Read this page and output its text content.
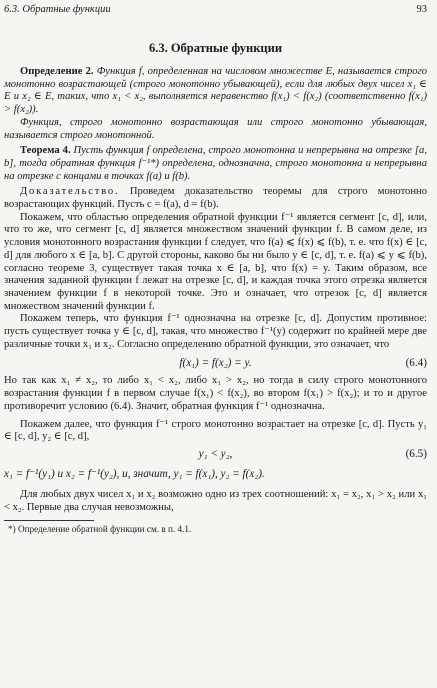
6.3. Обратные функции	93
6.3. Обратные функции

Определение 2. Функция f, определенная на числовом множестве E, называется строго монотонно возрастающей (строго монотонно убывающей), если для любых двух чисел x₁ ∈ E и x₂ ∈ E, таких, что x₁ < x₂, выполняется неравенство f(x₁) < f(x₂) (соответственно f(x₁) > f(x₂)).

Функция, строго монотонно возрастающая или строго монотонно убывающая, называется строго монотонной.

Теорема 4. Пусть функция f определена, строго монотонна и непрерывна на отрезке [a, b], тогда обратная функция f⁻¹*) определена, однозначна, строго монотонна и непрерывна на отрезке с концами в точках f(a) и f(b).

Доказательство. Проведем доказательство теоремы для строго монотонно возрастающих функций. Пусть c = f(a), d = f(b).

Покажем, что областью определения обратной функции f⁻¹ является сегмент [c, d], или, что то же, что сегмент [c, d] является множеством значений функции f. В самом деле, из условия монотонного возрастания функции f следует, что f(a) ⩽ f(x) ⩽ f(b), т. е. что f(x) ∈ [c, d] для любого x ∈ [a, b]. С другой стороны, каково бы ни было y ∈ [c, d], т. е. f(a) ⩽ y ⩽ f(b), согласно теореме 3, существует такая точка x ∈ [a, b], что f(x) = y. Таким образом, все значения заданной функции f лежат на отрезке [c, d], и каждая точка этого отрезка является значением функции f в некоторой точке. Это и означает, что отрезок [c, d] является множеством значений функции f.

Покажем теперь, что функция f⁻¹ однозначна на отрезке [c, d]. Допустим противное: пусть существует точка y ∈ [c, d], такая, что множество f⁻¹(y) содержит по крайней мере две различные точки x₁ и x₂. Согласно определению обратной функции, это означает, что

f(x₁) = f(x₂) = y.	(6.4)

Но так как x₁ ≠ x₂, то либо x₁ < x₂, либо x₁ > x₂, но тогда в силу строго монотонного возрастания функции f в первом случае f(x₁) < f(x₂), во втором f(x₁) > f(x₂); и то и другое противоречит условию (6.4). Значит, обратная функция f⁻¹ однозначна.

Покажем далее, что функция f⁻¹ строго монотонно возрастает на отрезке [c, d]. Пусть y₁ ∈ [c, d], y₂ ∈ [c, d],

y₁ < y₂,	(6.5)
x₁ = f⁻¹(y₁) и x₂ = f⁻¹(y₂), и, значит, y₁ = f(x₁), y₂ = f(x₂).

Для любых двух чисел x₁ и x₂ возможно одно из трех соотношений: x₁ = x₂, x₁ > x₂ или x₁ < x₂. Первые два случая невозможны,

*) Определение обратной функции см. в п. 4.1.
